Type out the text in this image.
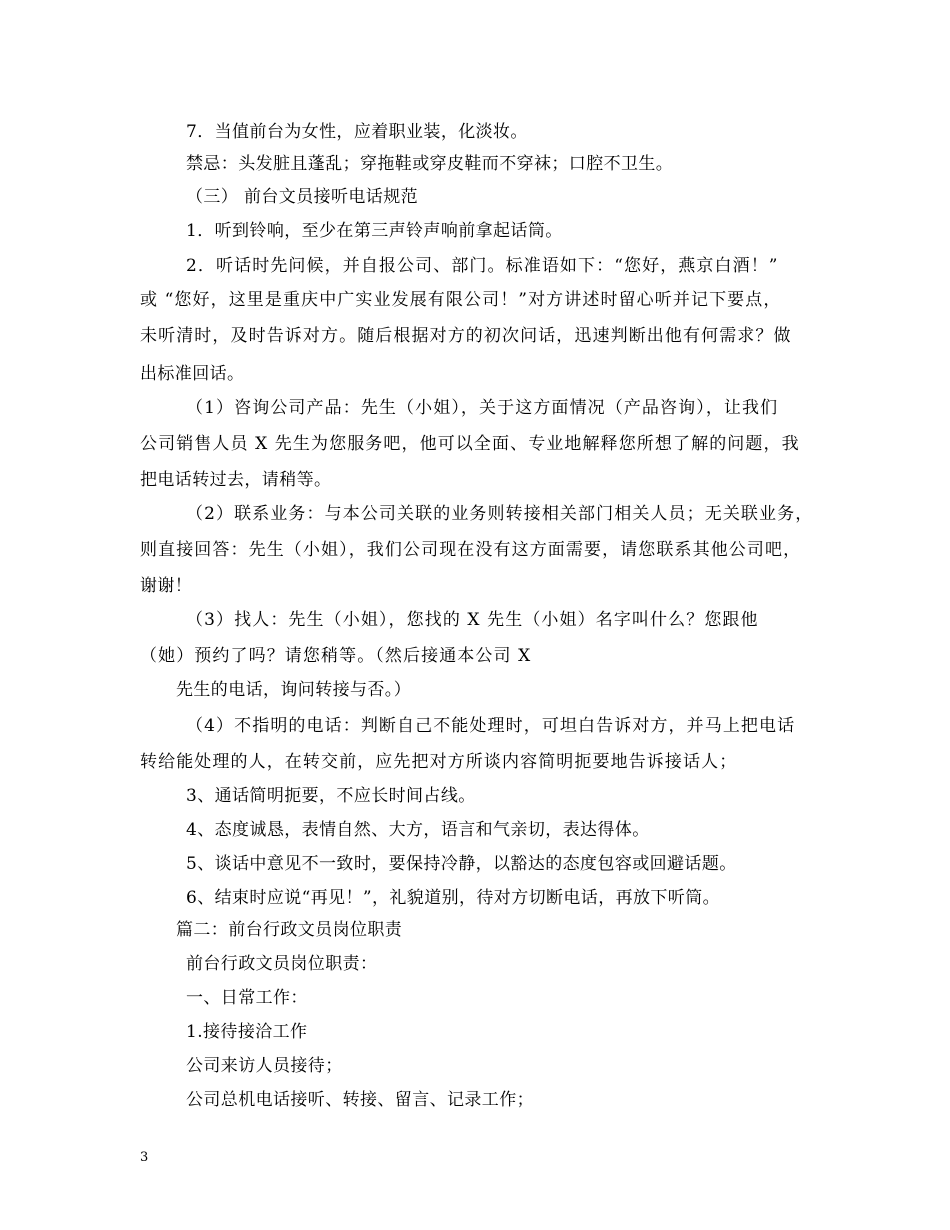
7．当值前台为女性，应着职业装，化淡妆。
禁忌：头发脏且蓬乱；穿拖鞋或穿皮鞋而不穿袜；口腔不卫生。
（三） 前台文员接听电话规范
1．听到铃响，至少在第三声铃声响前拿起话筒。
2．听话时先问候，并自报公司、部门。标准语如下：“您好，燕京白酒！”
或 “您好，这里是重庆中广实业发展有限公司！”对方讲述时留心听并记下要点，
未听清时，及时告诉对方。随后根据对方的初次问话，迅速判断出他有何需求？做
出标准回话。
（1）咨询公司产品：先生（小姐），关于这方面情况（产品咨询），让我们
公司销售人员 X 先生为您服务吧，他可以全面、专业地解释您所想了解的问题，我
把电话转过去，请稍等。
（2）联系业务：与本公司关联的业务则转接相关部门相关人员；无关联业务，
则直接回答：先生（小姐），我们公司现在没有这方面需要，请您联系其他公司吧，
谢谢！
（3）找人：先生（小姐），您找的 X 先生（小姐）名字叫什么？您跟他
（她）预约了吗？请您稍等。（然后接通本公司 X
先生的电话，询问转接与否。）
（4）不指明的电话：判断自己不能处理时，可坦白告诉对方，并马上把电话
转给能处理的人，在转交前，应先把对方所谈内容简明扼要地告诉接话人；
3、通话简明扼要，不应长时间占线。
4、态度诚恳，表情自然、大方，语言和气亲切，表达得体。
5、谈话中意见不一致时，要保持冷静，以豁达的态度包容或回避话题。
6、结束时应说“再见！”，礼貌道别，待对方切断电话，再放下听筒。
篇二：前台行政文员岗位职责
前台行政文员岗位职责：
一、日常工作：
1.接待接洽工作
公司来访人员接待；
公司总机电话接听、转接、留言、记录工作；
3
